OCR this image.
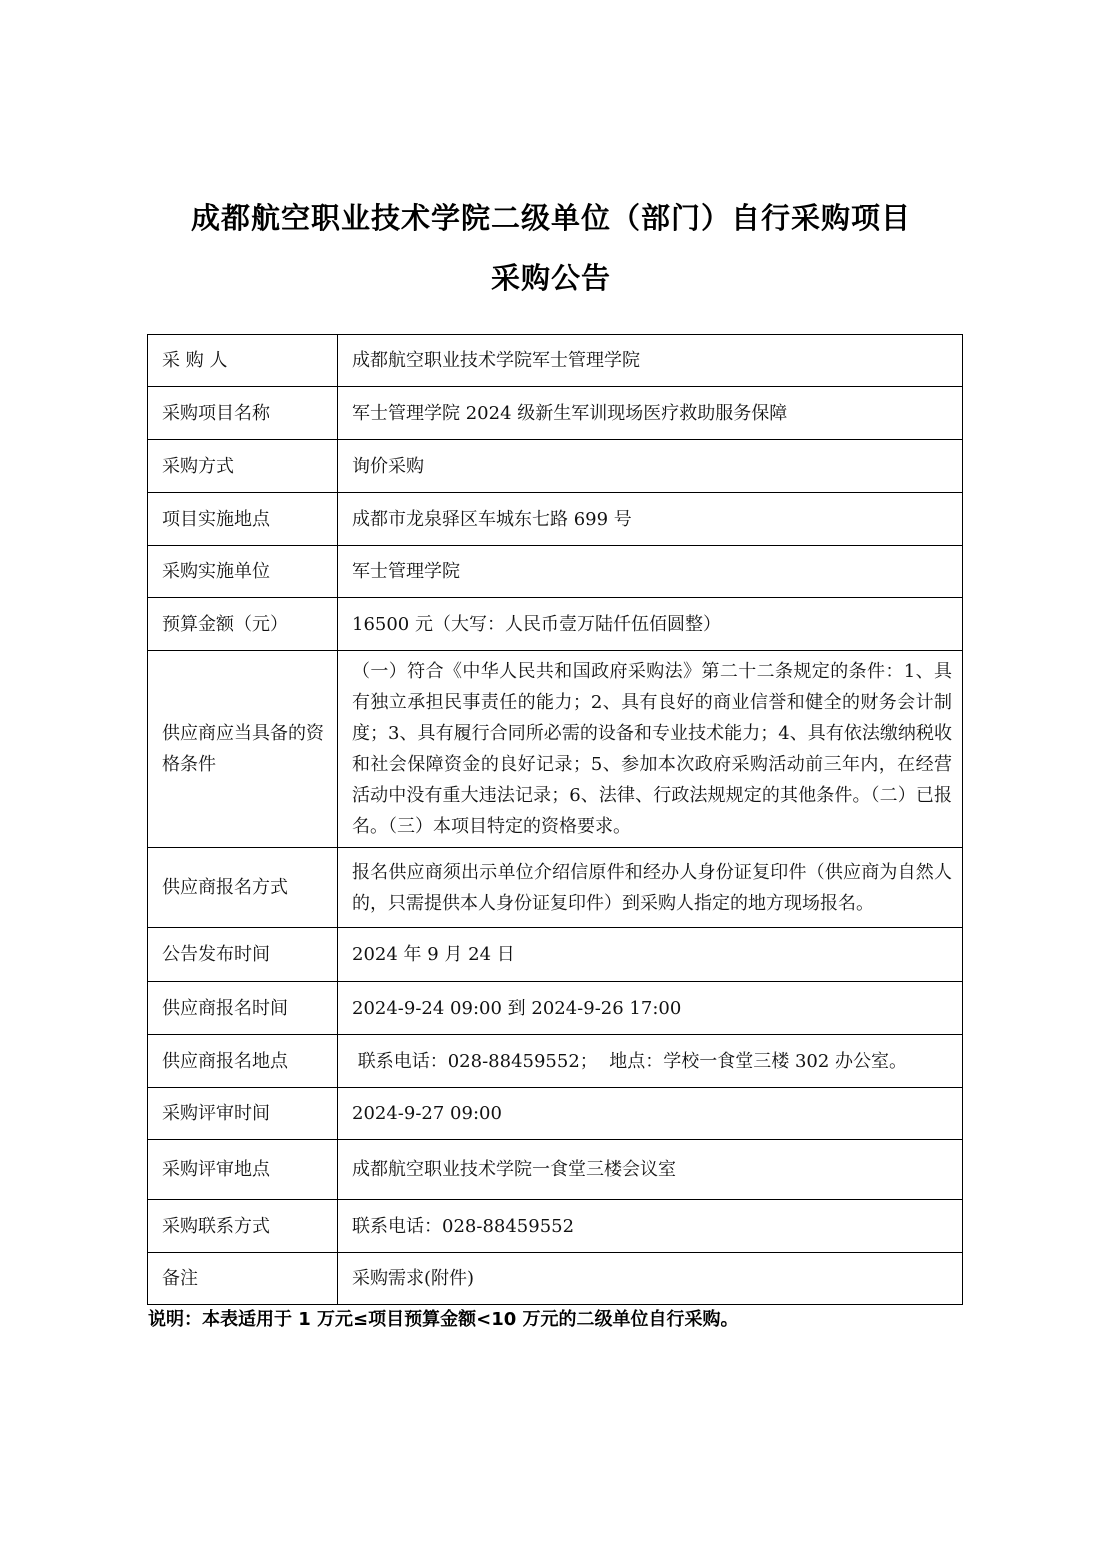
成都航空职业技术学院二级单位（部门）自行采购项目
采购公告
采 购 人	成都航空职业技术学院军士管理学院
采购项目名称	军士管理学院 2024 级新生军训现场医疗救助服务保障
采购方式	询价采购
项目实施地点	成都市龙泉驿区车城东七路 699 号
采购实施单位	军士管理学院
预算金额（元）	16500 元（大写：人民币壹万陆仟伍佰圆整）
供应商应当具备的资格条件	（一）符合《中华人民共和国政府采购法》第二十二条规定的条件：1、具有独立承担民事责任的能力；2、具有良好的商业信誉和健全的财务会计制度；3、具有履行合同所必需的设备和专业技术能力；4、具有依法缴纳税收和社会保障资金的良好记录；5、参加本次政府采购活动前三年内，在经营活动中没有重大违法记录；6、法律、行政法规规定的其他条件。（二）已报名。（三）本项目特定的资格要求。
供应商报名方式	报名供应商须出示单位介绍信原件和经办人身份证复印件（供应商为自然人的，只需提供本人身份证复印件）到采购人指定的地方现场报名。
公告发布时间	2024 年 9 月 24 日
供应商报名时间	2024-9-24 09:00 到 2024-9-26 17:00
供应商报名地点	联系电话：028-88459552；  地点：学校一食堂三楼 302 办公室。
采购评审时间	2024-9-27 09:00
采购评审地点	成都航空职业技术学院一食堂三楼会议室
采购联系方式	联系电话：028-88459552
备注	采购需求(附件)
说明：本表适用于 1 万元≤项目预算金额<10 万元的二级单位自行采购。
